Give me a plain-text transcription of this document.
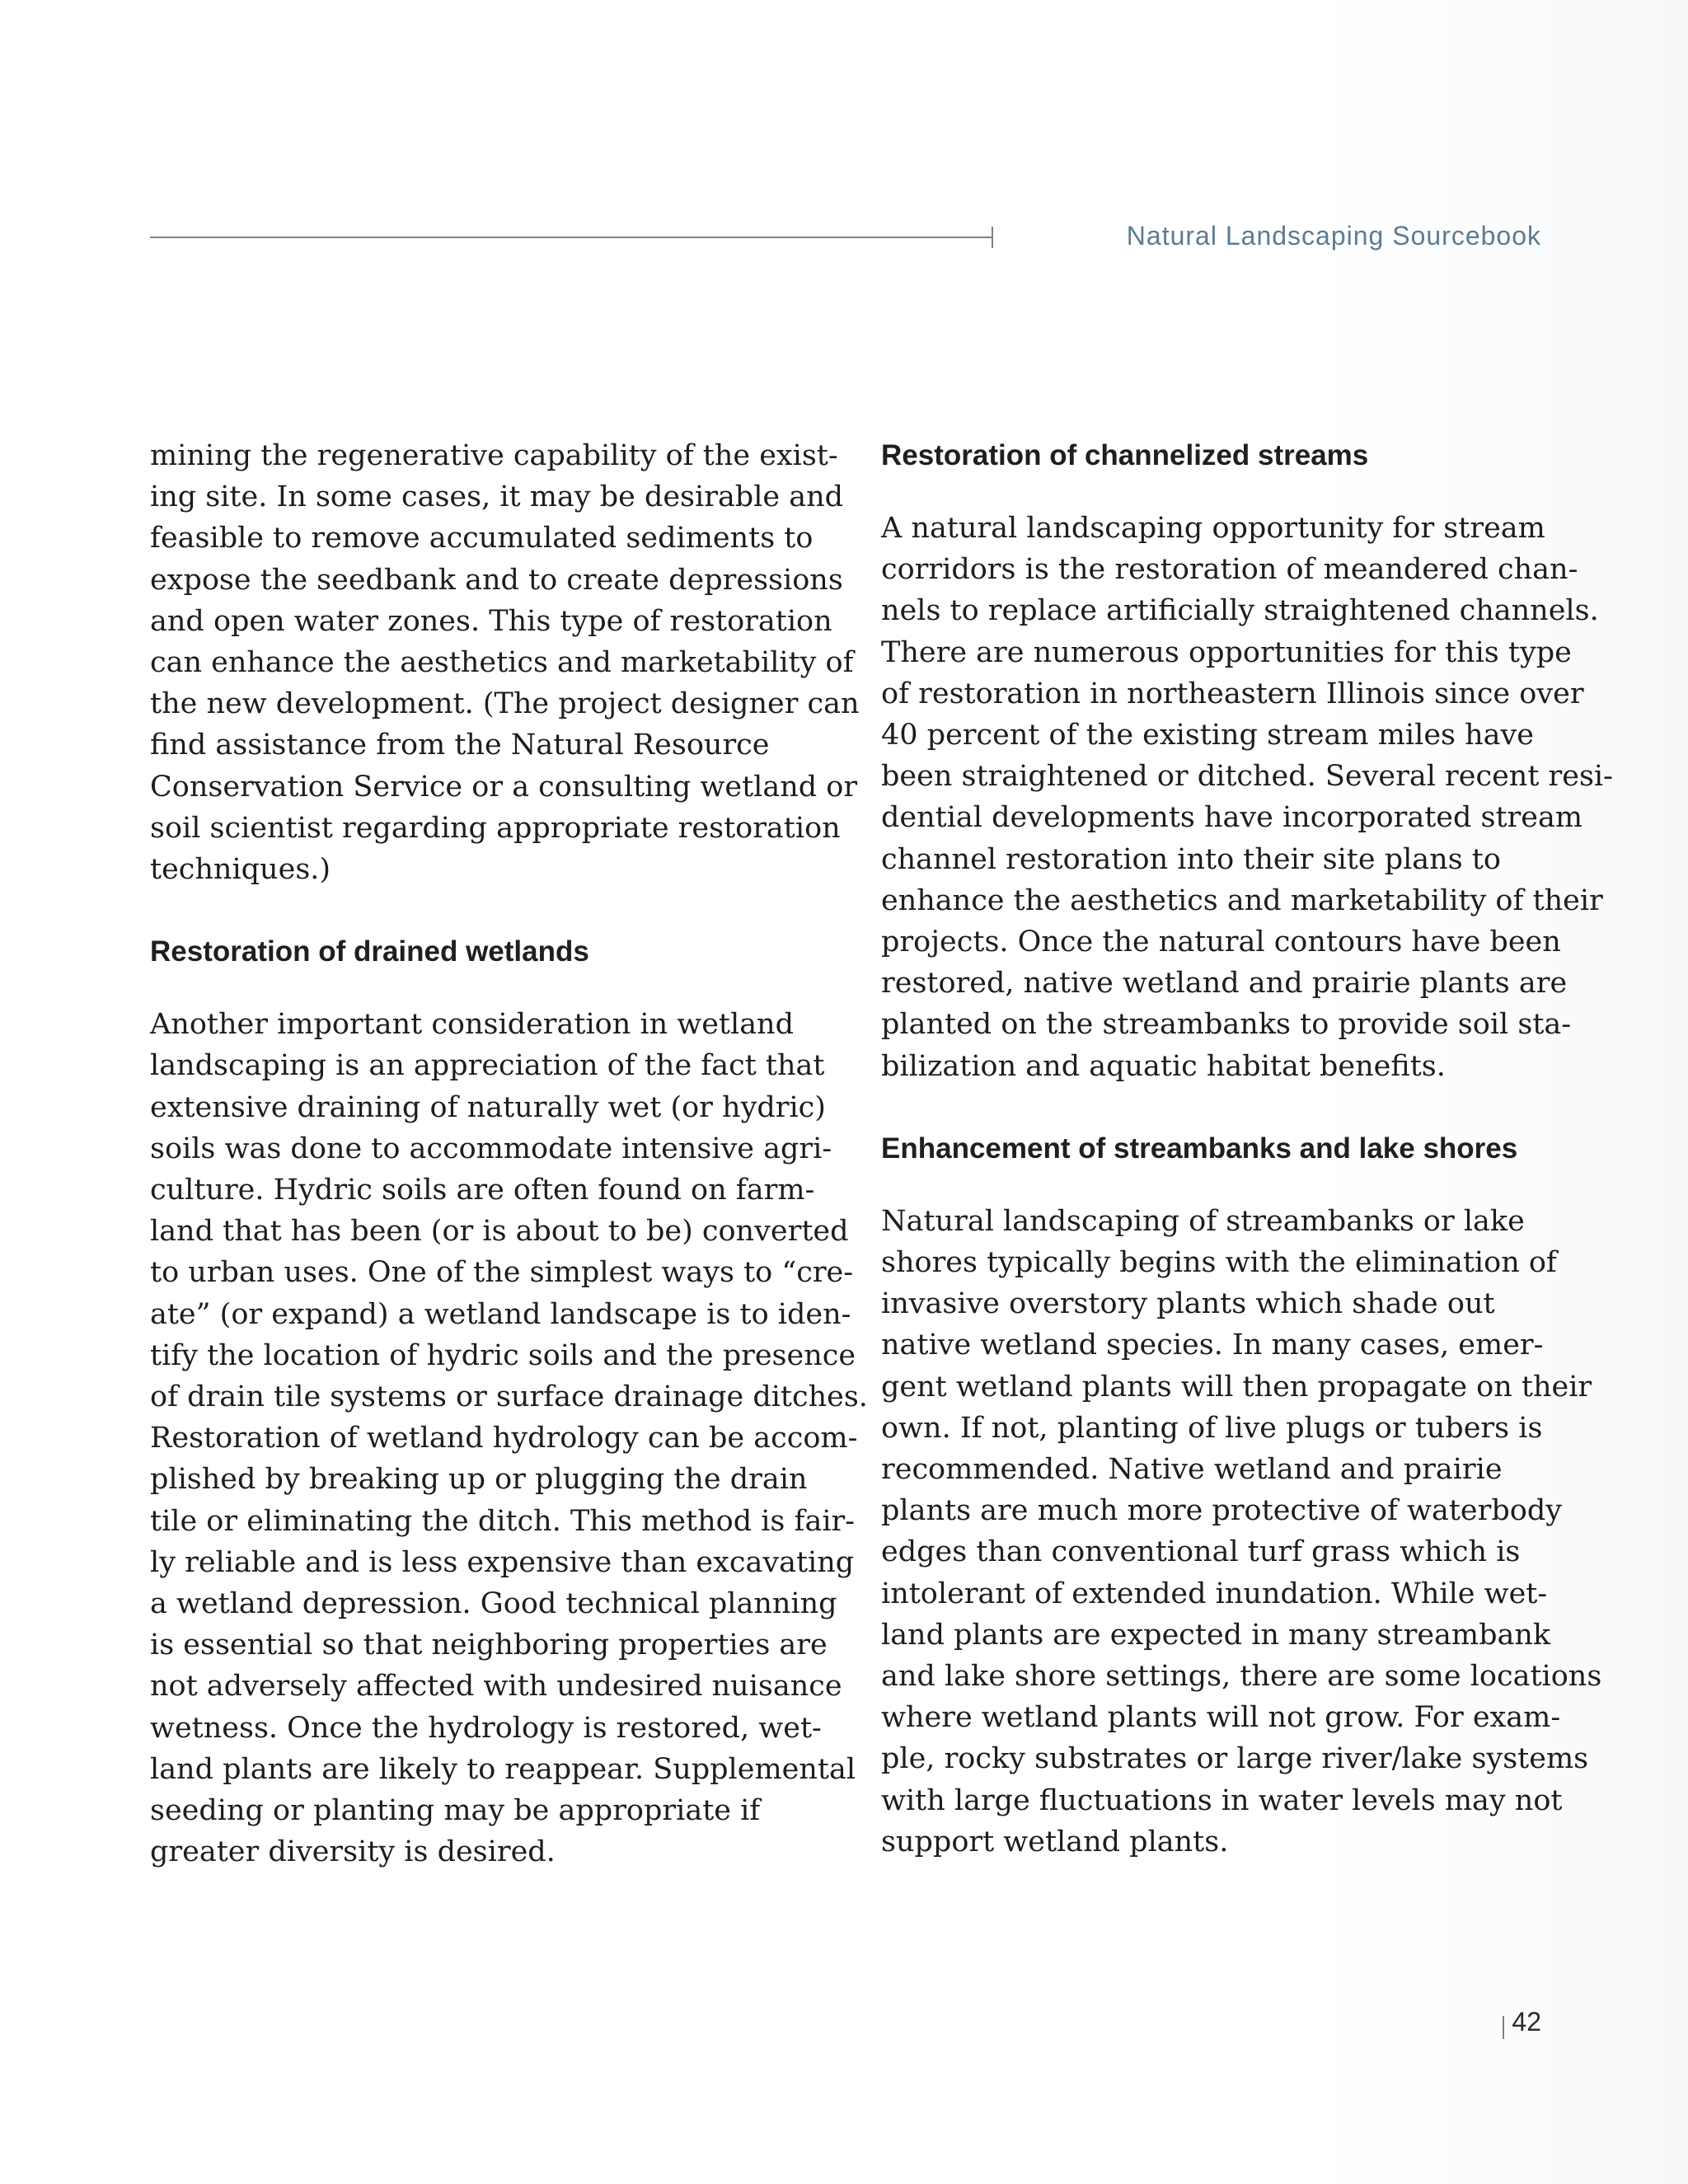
Natural Landscaping Sourcebook

mining the regenerative capability of the exist-
ing site. In some cases, it may be desirable and
feasible to remove accumulated sediments to
expose the seedbank and to create depressions
and open water zones. This type of restoration
can enhance the aesthetics and marketability of
the new development. (The project designer can
find assistance from the Natural Resource
Conservation Service or a consulting wetland or
soil scientist regarding appropriate restoration
techniques.)

Restoration of drained wetlands

Another important consideration in wetland
landscaping is an appreciation of the fact that
extensive draining of naturally wet (or hydric)
soils was done to accommodate intensive agri-
culture. Hydric soils are often found on farm-
land that has been (or is about to be) converted
to urban uses. One of the simplest ways to “cre-
ate” (or expand) a wetland landscape is to iden-
tify the location of hydric soils and the presence
of drain tile systems or surface drainage ditches.
Restoration of wetland hydrology can be accom-
plished by breaking up or plugging the drain
tile or eliminating the ditch. This method is fair-
ly reliable and is less expensive than excavating
a wetland depression. Good technical planning
is essential so that neighboring properties are
not adversely affected with undesired nuisance
wetness. Once the hydrology is restored, wet-
land plants are likely to reappear. Supplemental
seeding or planting may be appropriate if
greater diversity is desired.

Restoration of channelized streams

A natural landscaping opportunity for stream
corridors is the restoration of meandered chan-
nels to replace artificially straightened channels.
There are numerous opportunities for this type
of restoration in northeastern Illinois since over
40 percent of the existing stream miles have
been straightened or ditched. Several recent resi-
dential developments have incorporated stream
channel restoration into their site plans to
enhance the aesthetics and marketability of their
projects. Once the natural contours have been
restored, native wetland and prairie plants are
planted on the streambanks to provide soil sta-
bilization and aquatic habitat benefits.

Enhancement of streambanks and lake shores

Natural landscaping of streambanks or lake
shores typically begins with the elimination of
invasive overstory plants which shade out
native wetland species. In many cases, emer-
gent wetland plants will then propagate on their
own. If not, planting of live plugs or tubers is
recommended. Native wetland and prairie
plants are much more protective of waterbody
edges than conventional turf grass which is
intolerant of extended inundation. While wet-
land plants are expected in many streambank
and lake shore settings, there are some locations
where wetland plants will not grow. For exam-
ple, rocky substrates or large river/lake systems
with large fluctuations in water levels may not
support wetland plants.

42
